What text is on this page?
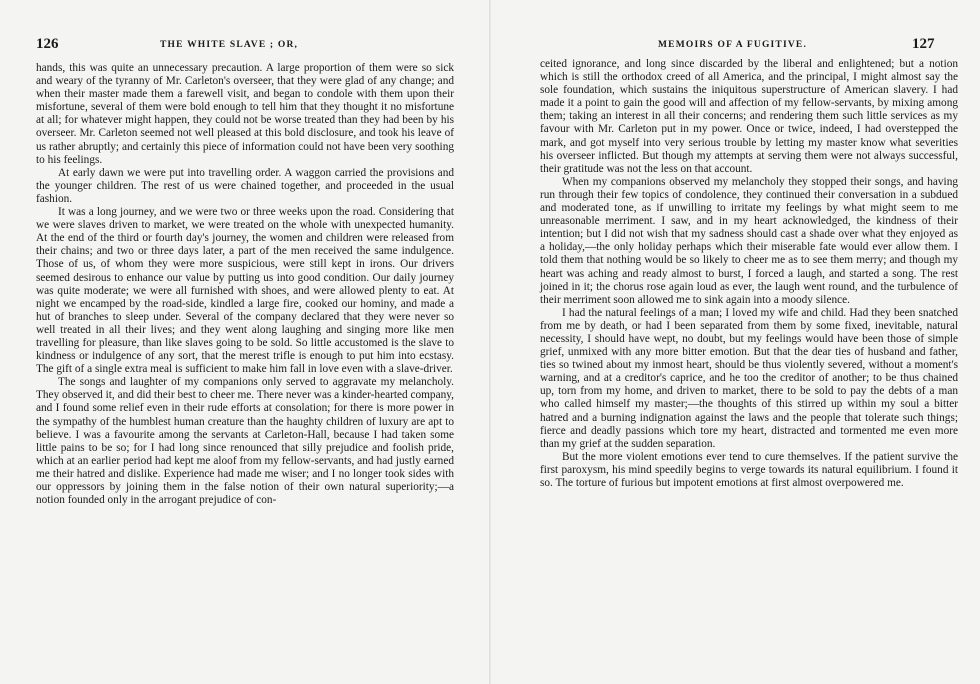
126	THE WHITE SLAVE ; OR,

hands, this was quite an unnecessary precaution. A large proportion of them were so sick and weary of the tyranny of Mr. Carleton's overseer, that they were glad of any change; and when their master made them a farewell visit, and began to condole with them upon their misfortune, several of them were bold enough to tell him that they thought it no misfortune at all; for whatever might happen, they could not be worse treated than they had been by his overseer. Mr. Carleton seemed not well pleased at this bold disclosure, and took his leave of us rather abruptly; and certainly this piece of information could not have been very soothing to his feelings.

At early dawn we were put into travelling order. A waggon carried the provisions and the younger children. The rest of us were chained together, and proceeded in the usual fashion.

It was a long journey, and we were two or three weeks upon the road. Considering that we were slaves driven to market, we were treated on the whole with unexpected humanity. At the end of the third or fourth day's journey, the women and children were released from their chains; and two or three days later, a part of the men received the same indulgence. Those of us, of whom they were more suspicious, were still kept in irons. Our drivers seemed desirous to enhance our value by putting us into good condition. Our daily journey was quite moderate; we were all furnished with shoes, and were allowed plenty to eat. At night we encamped by the road-side, kindled a large fire, cooked our hominy, and made a hut of branches to sleep under. Several of the company declared that they were never so well treated in all their lives; and they went along laughing and singing more like men travelling for pleasure, than like slaves going to be sold. So little accustomed is the slave to kindness or indulgence of any sort, that the merest trifle is enough to put him into ecstasy. The gift of a single extra meal is sufficient to make him fall in love even with a slave-driver.

The songs and laughter of my companions only served to aggravate my melancholy. They observed it, and did their best to cheer me. There never was a kinder-hearted company, and I found some relief even in their rude efforts at consolation; for there is more power in the sympathy of the humblest human creature than the haughty children of luxury are apt to believe. I was a favourite among the servants at Carleton-Hall, because I had taken some little pains to be so; for I had long since renounced that silly prejudice and foolish pride, which at an earlier period had kept me aloof from my fellow-servants, and had justly earned me their hatred and dislike. Experience had made me wiser; and I no longer took sides with our oppressors by joining them in the false notion of their own natural superiority;—a notion founded only in the arrogant prejudice of con-

MEMOIRS OF A FUGITIVE.	127

ceited ignorance, and long since discarded by the liberal and enlightened; but a notion which is still the orthodox creed of all America, and the principal, I might almost say the sole foundation, which sustains the iniquitous superstructure of American slavery. I had made it a point to gain the good will and affection of my fellow-servants, by mixing among them; taking an interest in all their concerns; and rendering them such little services as my favour with Mr. Carleton put in my power. Once or twice, indeed, I had overstepped the mark, and got myself into very serious trouble by letting my master know what severities his overseer inflicted. But though my attempts at serving them were not always successful, their gratitude was not the less on that account.

When my companions observed my melancholy they stopped their songs, and having run through their few topics of condolence, they continued their conversation in a subdued and moderated tone, as if unwilling to irritate my feelings by what might seem to me unreasonable merriment. I saw, and in my heart acknowledged, the kindness of their intention; but I did not wish that my sadness should cast a shade over what they enjoyed as a holiday,—the only holiday perhaps which their miserable fate would ever allow them. I told them that nothing would be so likely to cheer me as to see them merry; and though my heart was aching and ready almost to burst, I forced a laugh, and started a song. The rest joined in it; the chorus rose again loud as ever, the laugh went round, and the turbulence of their merriment soon allowed me to sink again into a moody silence.

I had the natural feelings of a man; I loved my wife and child. Had they been snatched from me by death, or had I been separated from them by some fixed, inevitable, natural necessity, I should have wept, no doubt, but my feelings would have been those of simple grief, unmixed with any more bitter emotion. But that the dear ties of husband and father, ties so twined about my inmost heart, should be thus violently severed, without a moment's warning, and at a creditor's caprice, and he too the creditor of another; to be thus chained up, torn from my home, and driven to market, there to be sold to pay the debts of a man who called himself my master;—the thoughts of this stirred up within my soul a bitter hatred and a burning indignation against the laws and the people that tolerate such things; fierce and deadly passions which tore my heart, distracted and tormented me even more than my grief at the sudden separation.

But the more violent emotions ever tend to cure themselves. If the patient survive the first paroxysm, his mind speedily begins to verge towards its natural equilibrium. I found it so. The torture of furious but impotent emotions at first almost overpowered me.
